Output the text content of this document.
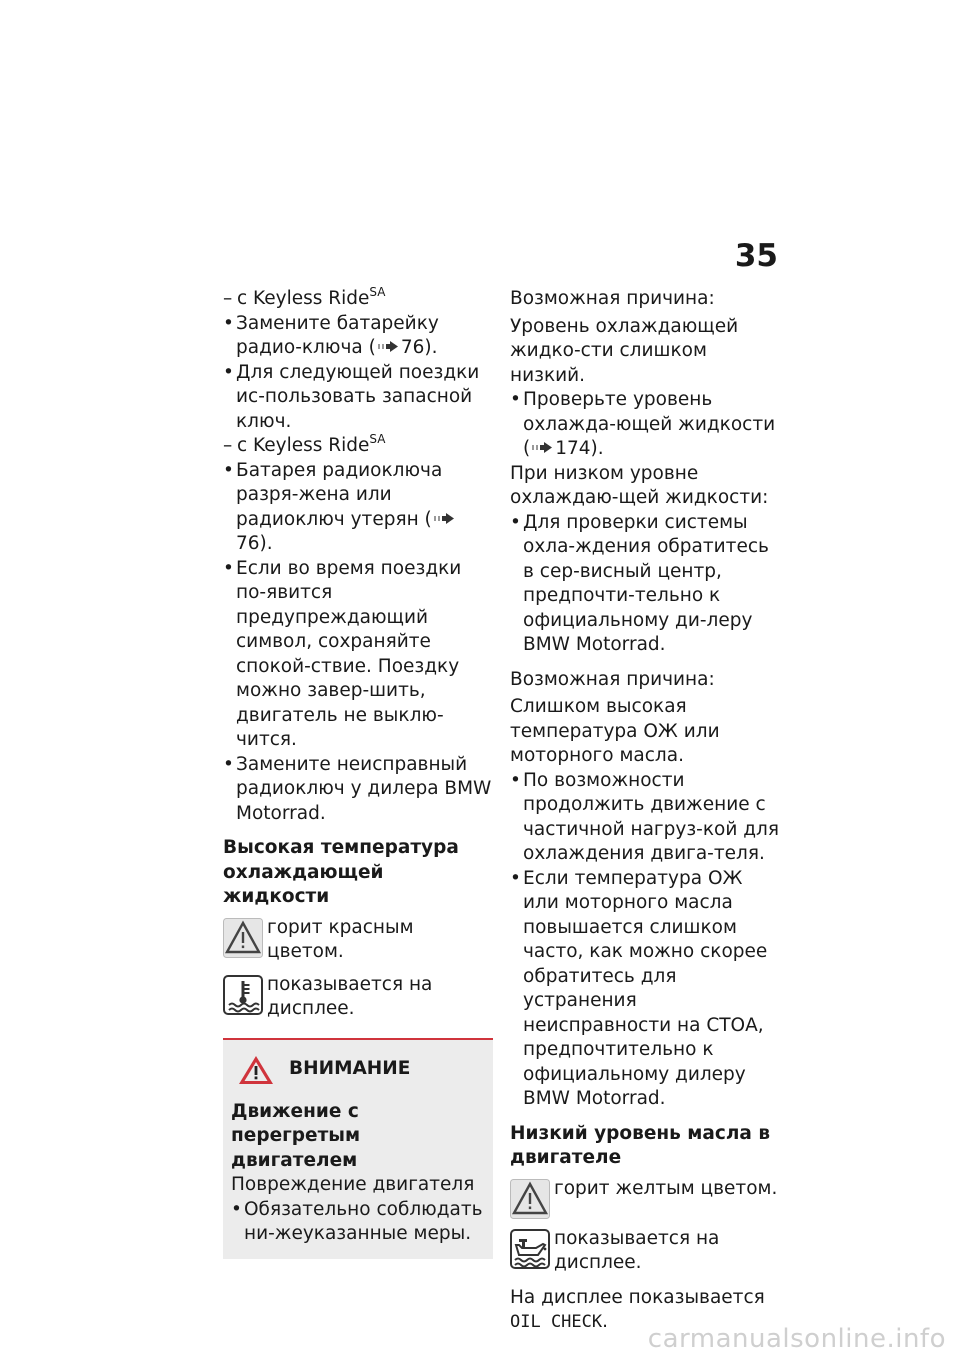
35
– с Keyless Ride$^{SA}$
• Замените батарейку радио-ключа ( 76).
• Для следующей поездки ис-пользовать запасной ключ.
– с Keyless Ride$^{SA}$
• Батарея радиоключа разря-жена или радиоключ утерян (76).
• Если во время поездки по-явится предупреждающий символ, сохраняйте спокой-ствие. Поездку можно завер-шить, двигатель не выклю-чится.
• Замените неисправный радиоключ у дилера BMW Motorrad.
Высокая температура охлаждающей жидкости
горит красным цветом.
показывается на дисплее.
ВНИМАНИЕ
Движение с перегретым двигателем
Повреждение двигателя
• Обязательно соблюдать ни-жеуказанные меры.
Возможная причина:
Уровень охлаждающей жидко-сти слишком низкий.
• Проверьте уровень охлажда-ющей жидкости ( 174).
При низком уровне охлаждаю-щей жидкости:
• Для проверки системы охла-ждения обратитесь в сер-висный центр, предпочти-тельно к официальному ди-леру BMW Motorrad.
Возможная причина:
Слишком высокая температура ОЖ или моторного масла.
• По возможности продолжить движение с частичной нагруз-кой для охлаждения двига-теля.
• Если температура ОЖ или моторного масла повышается слишком часто, как можно скорее обратитесь для устранения неисправности на СТОА, предпочтительно к официальному дилеру BMW Motorrad.
Низкий уровень масла в двигателе
горит желтым цветом.
показывается на дисплее.
На дисплее показывается OIL CHECK.
carmanualsonline.info
